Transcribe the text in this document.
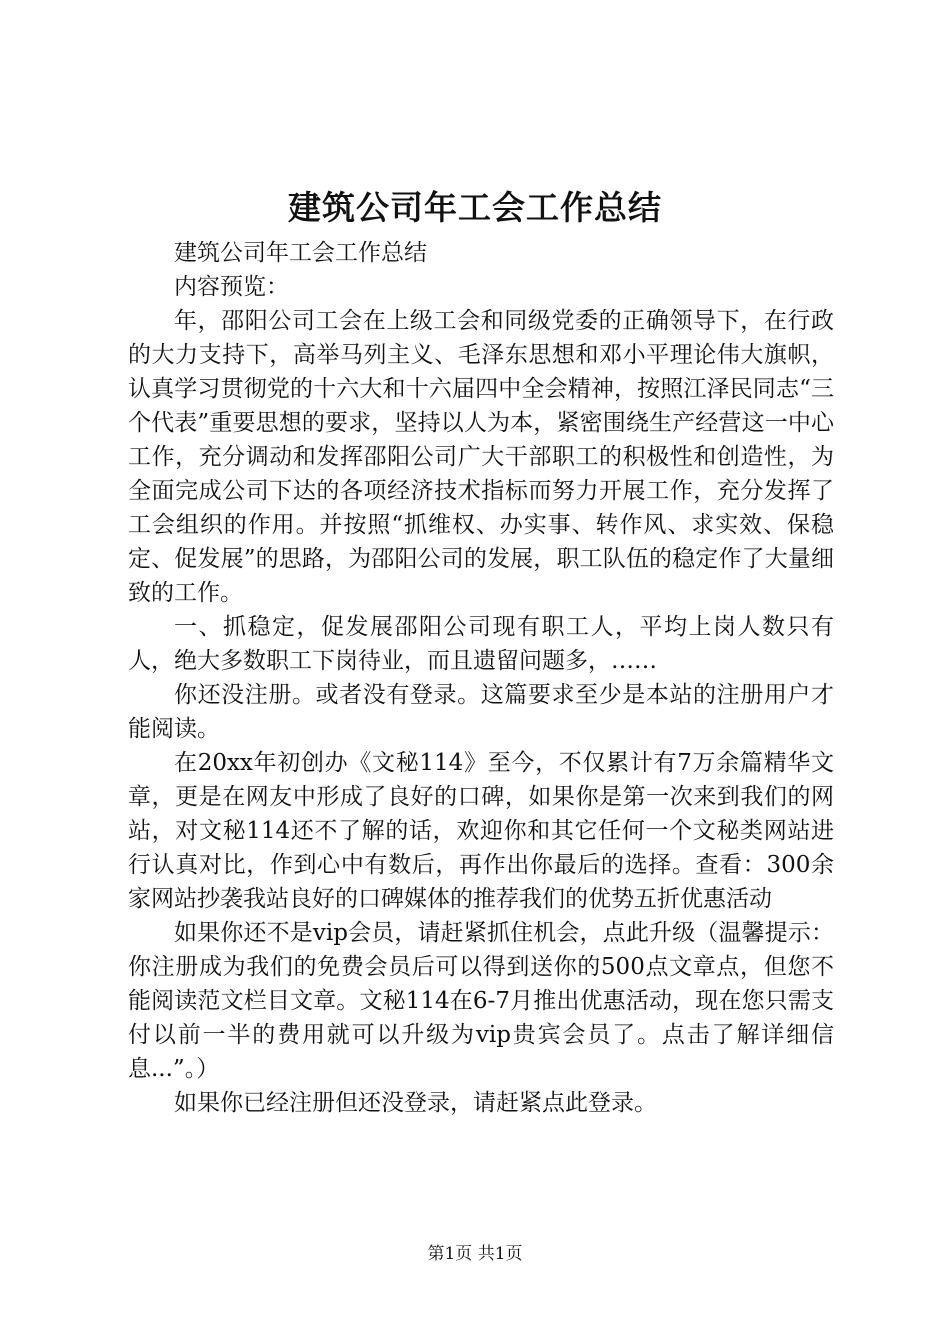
建筑公司年工会工作总结

建筑公司年工会工作总结

内容预览：

年，邵阳公司工会在上级工会和同级党委的正确领导下，在行政的大力支持下，高举马列主义、毛泽东思想和邓小平理论伟大旗帜，认真学习贯彻党的十六大和十六届四中全会精神，按照江泽民同志“三个代表”重要思想的要求，坚持以人为本，紧密围绕生产经营这一中心工作，充分调动和发挥邵阳公司广大干部职工的积极性和创造性，为全面完成公司下达的各项经济技术指标而努力开展工作，充分发挥了工会组织的作用。并按照“抓维权、办实事、转作风、求实效、保稳定、促发展”的思路，为邵阳公司的发展，职工队伍的稳定作了大量细致的工作。

一、抓稳定，促发展邵阳公司现有职工人，平均上岗人数只有人，绝大多数职工下岗待业，而且遗留问题多，……

你还没注册。或者没有登录。这篇要求至少是本站的注册用户才能阅读。

在20xx年初创办《文秘114》至今，不仅累计有7万余篇精华文章，更是在网友中形成了良好的口碑，如果你是第一次来到我们的网站，对文秘114还不了解的话，欢迎你和其它任何一个文秘类网站进行认真对比，作到心中有数后，再作出你最后的选择。查看：300余家网站抄袭我站良好的口碑媒体的推荐我们的优势五折优惠活动

如果你还不是vip会员，请赶紧抓住机会，点此升级（温馨提示：你注册成为我们的免费会员后可以得到送你的500点文章点，但您不能阅读范文栏目文章。文秘114在6-7月推出优惠活动，现在您只需支付以前一半的费用就可以升级为vip贵宾会员了。点击了解详细信息...”。）

如果你已经注册但还没登录，请赶紧点此登录。

第1页 共1页
